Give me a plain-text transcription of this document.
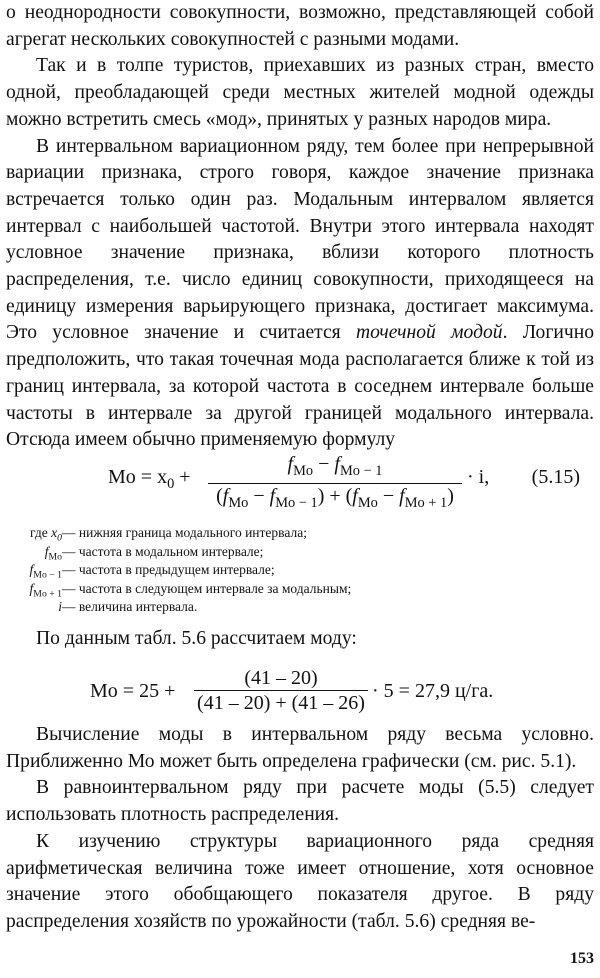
о неоднородности совокупности, возможно, представляющей собой агрегат нескольких совокупностей с разными модами.

Так и в толпе туристов, приехавших из разных стран, вместо одной, преобладающей среди местных жителей модной одежды можно встретить смесь «мод», принятых у разных народов мира.

В интервальном вариационном ряду, тем более при непрерывной вариации признака, строго говоря, каждое значение признака встречается только один раз. Модальным интервалом является интервал с наибольшей частотой. Внутри этого интервала находят условное значение признака, вблизи которого плотность распределения, т.е. число единиц совокупности, приходящееся на единицу измерения варьирующего признака, достигает максимума. Это условное значение и считается точечной модой. Логично предположить, что такая точечная мода располагается ближе к той из границ интервала, за которой частота в соседнем интервале больше частоты в интервале за другой границей модального интервала. Отсюда имеем обычно применяемую формулу

$Mo = x_0$ +
$f_{Mo} - f_{Mo - 1}$
$(f_{Mo} - f_{Mo - 1}) + (f_{Mo} - f_{Mo + 1})$
· i, (5.15)
где $x_0$ — нижняя граница модального интервала;
$f_{Mo}$ — частота в модальном интервале;
$f_{Mo - 1}$ — частота в предыдущем интервале;
$f_{Mo + 1}$ — частота в следующем интервале за модальным;
i — величина интервала.

По данным табл. 5.6 рассчитаем моду:

Mo = 25 +
(41 – 20)
(41 – 20) + (41 – 26)
· 5 = 27,9 ц/га.

Вычисление моды в интервальном ряду весьма условно. Приближенно Мо может быть определена графически (см. рис. 5.1).

В равноинтервальном ряду при расчете моды (5.5) следует использовать плотность распределения.

К изучению структуры вариационного ряда средняя арифметическая величина тоже имеет отношение, хотя основное значение этого обобщающего показателя другое. В ряду распределения хозяйств по урожайности (табл. 5.6) средняя ве-

153
